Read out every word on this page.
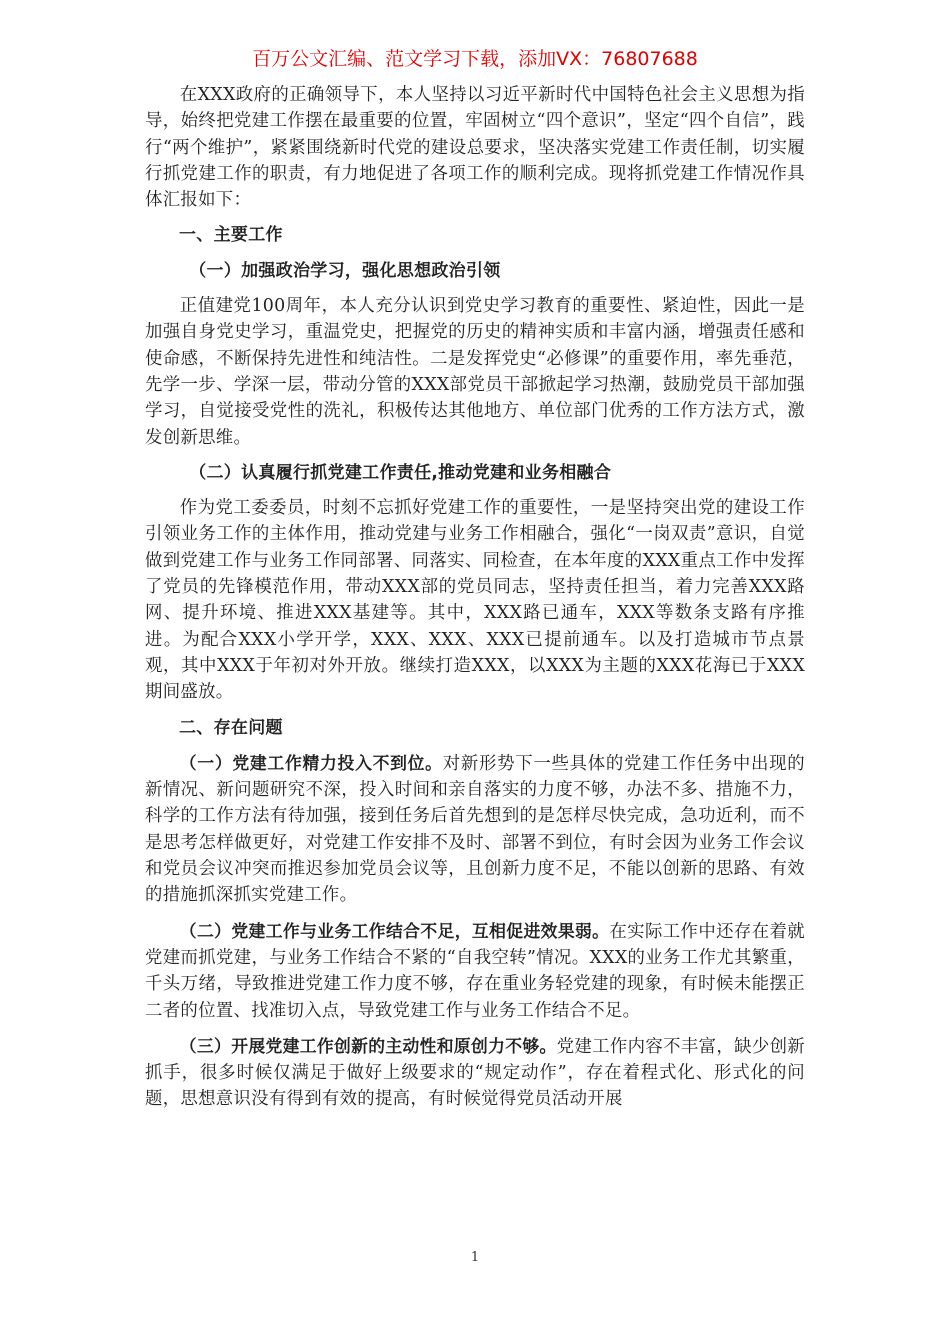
百万公文汇编、范文学习下载，添加VX：76807688

在XXX政府的正确领导下，本人坚持以习近平新时代中国特色社会主义思想为指导，始终把党建工作摆在最重要的位置，牢固树立“四个意识”，坚定“四个自信”，践行“两个维护”，紧紧围绕新时代党的建设总要求，坚决落实党建工作责任制，切实履行抓党建工作的职责，有力地促进了各项工作的顺利完成。现将抓党建工作情况作具体汇报如下：

一、主要工作
（一）加强政治学习，强化思想政治引领

正值建党100周年，本人充分认识到党史学习教育的重要性、紧迫性，因此一是加强自身党史学习，重温党史，把握党的历史的精神实质和丰富内涵，增强责任感和使命感，不断保持先进性和纯洁性。二是发挥党史“必修课”的重要作用，率先垂范，先学一步、学深一层，带动分管的XXX部党员干部掀起学习热潮，鼓励党员干部加强学习，自觉接受党性的洗礼，积极传达其他地方、单位部门优秀的工作方法方式，激发创新思维。

（二）认真履行抓党建工作责任,推动党建和业务相融合

作为党工委委员，时刻不忘抓好党建工作的重要性，一是坚持突出党的建设工作引领业务工作的主体作用，推动党建与业务工作相融合，强化“一岗双责”意识，自觉做到党建工作与业务工作同部署、同落实、同检查，在本年度的XXX重点工作中发挥了党员的先锋模范作用，带动XXX部的党员同志，坚持责任担当，着力完善XXX路网、提升环境、推进XXX基建等。其中，XXX路已通车，XXX等数条支路有序推进。为配合XXX小学开学，XXX、XXX、XXX已提前通车。以及打造城市节点景观，其中XXX于年初对外开放。继续打造XXX，以XXX为主题的XXX花海已于XXX期间盛放。

二、存在问题

（一）党建工作精力投入不到位。对新形势下一些具体的党建工作任务中出现的新情况、新问题研究不深，投入时间和亲自落实的力度不够，办法不多、措施不力，科学的工作方法有待加强，接到任务后首先想到的是怎样尽快完成，急功近利，而不是思考怎样做更好，对党建工作安排不及时、部署不到位，有时会因为业务工作会议和党员会议冲突而推迟参加党员会议等，且创新力度不足，不能以创新的思路、有效的措施抓深抓实党建工作。

（二）党建工作与业务工作结合不足，互相促进效果弱。在实际工作中还存在着就党建而抓党建，与业务工作结合不紧的“自我空转”情况。XXX的业务工作尤其繁重，千头万绪，导致推进党建工作力度不够，存在重业务轻党建的现象，有时候未能摆正二者的位置、找准切入点，导致党建工作与业务工作结合不足。

（三）开展党建工作创新的主动性和原创力不够。党建工作内容不丰富，缺少创新抓手，很多时候仅满足于做好上级要求的“规定动作”，存在着程式化、形式化的问题，思想意识没有得到有效的提高，有时候觉得党员活动开展

1
